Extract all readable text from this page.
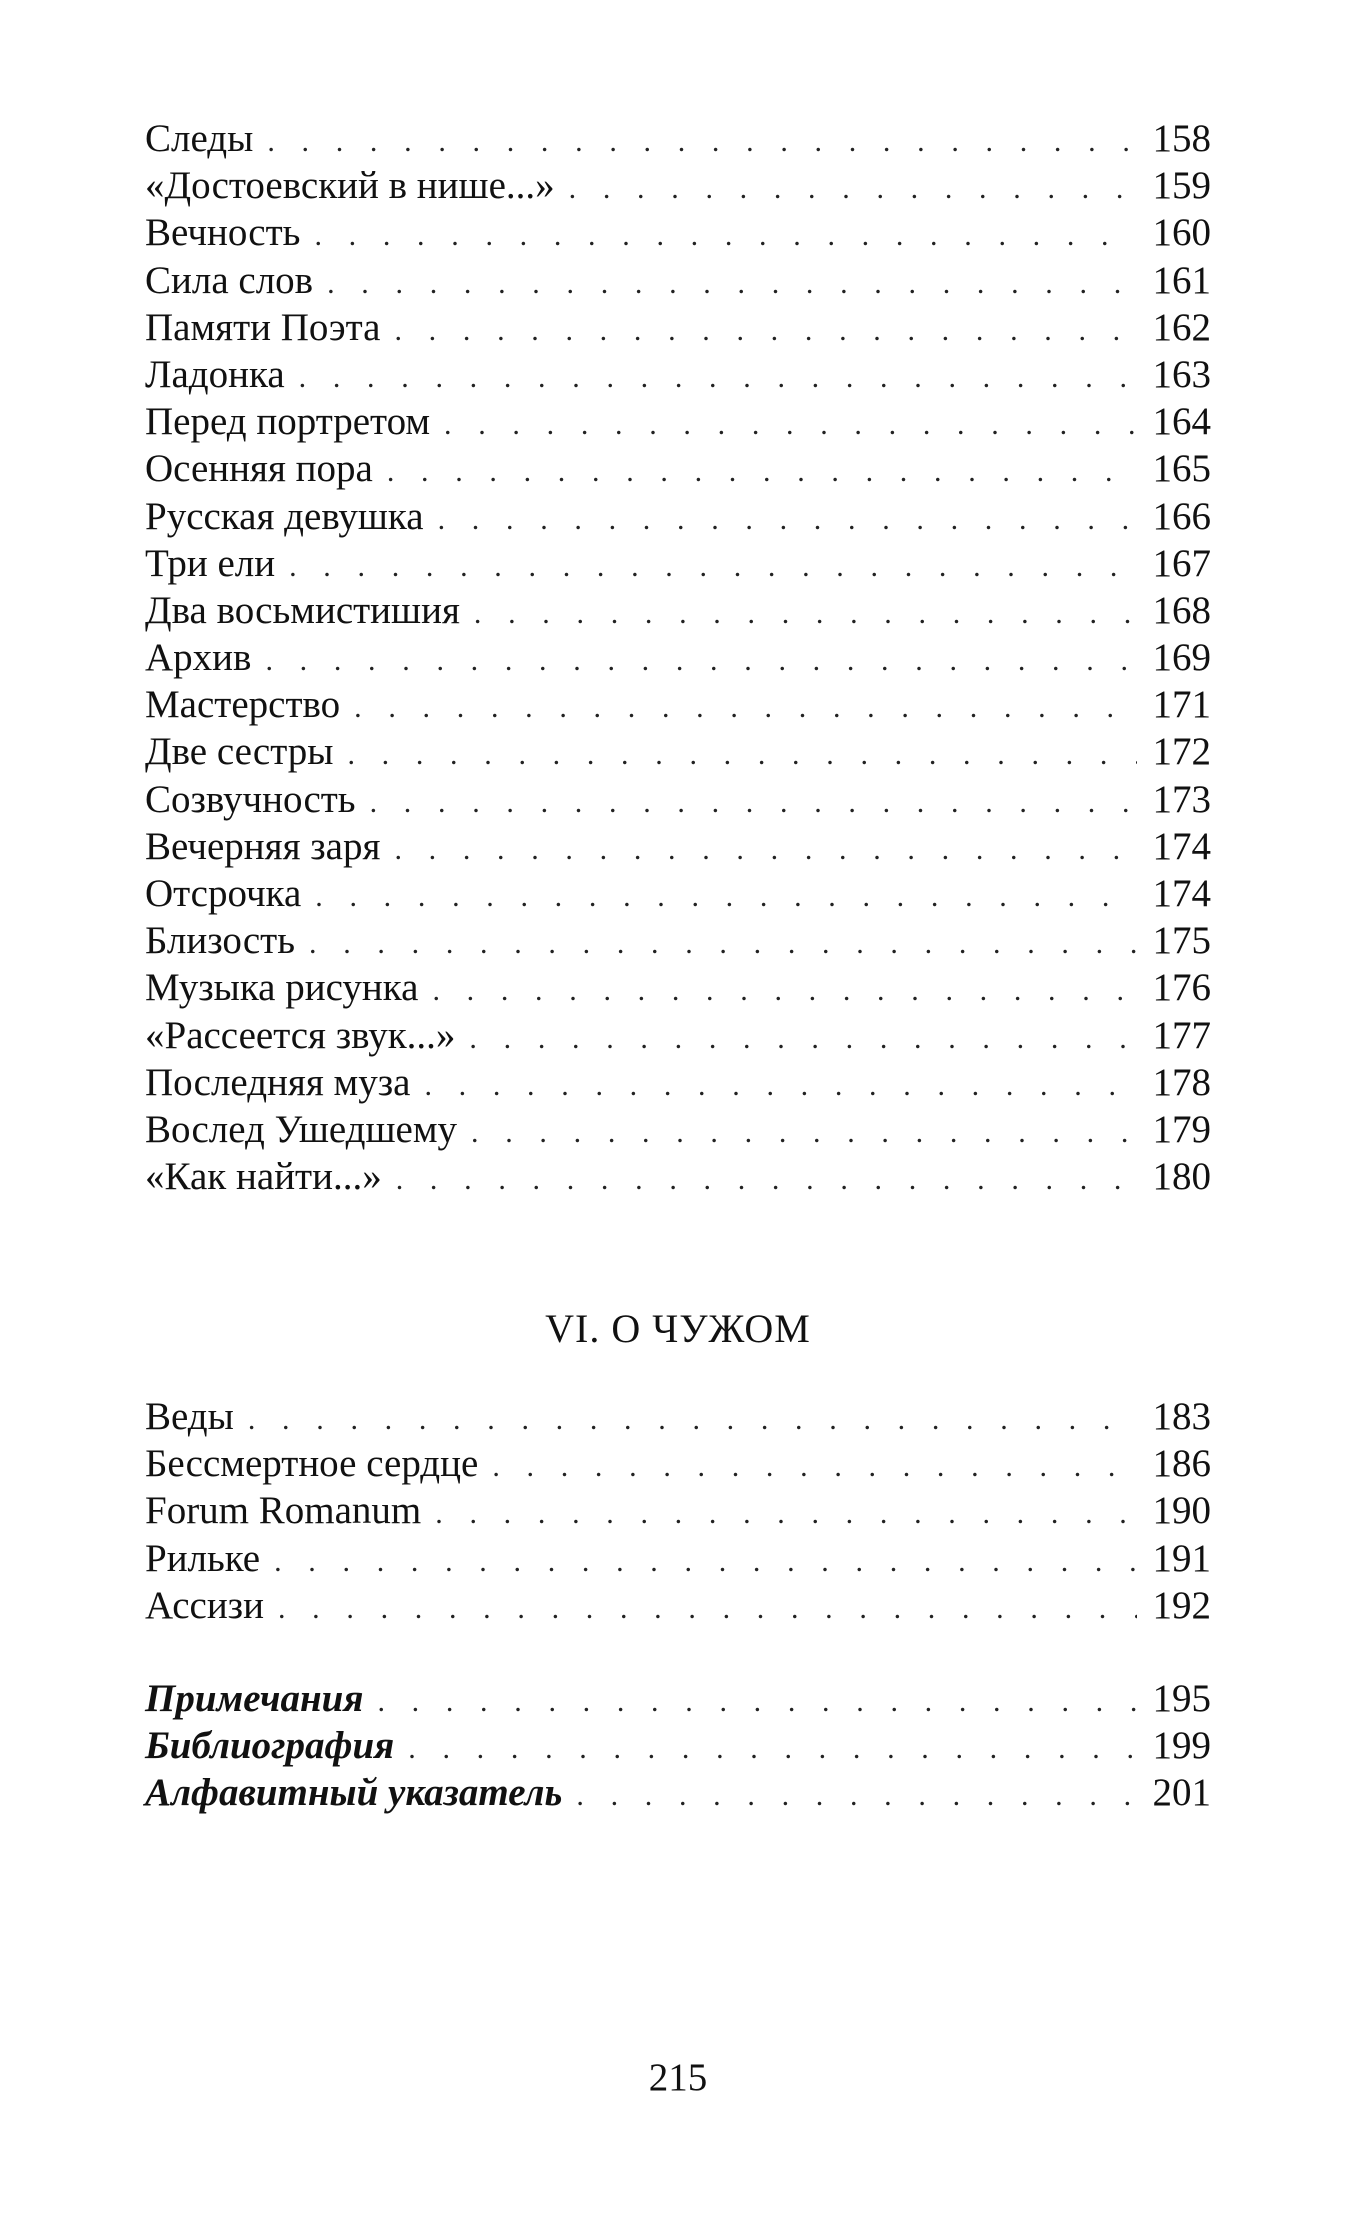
Следы . . .	158
«Достоевский в нише...» . . .	159
Вечность . . .	160
Сила слов . . .	161
Памяти Поэта . . .	162
Ладонка . . .	163
Перед портретом . . .	164
Осенняя пора . . .	165
Русская девушка . . .	166
Три ели . . .	167
Два восьмистишия . . .	168
Архив . . .	169
Мастерство . . .	171
Две сестры . . .	172
Созвучность . . .	173
Вечерняя заря . . .	174
Отсрочка . . .	174
Близость . . .	175
Музыка рисунка . . .	176
«Рассеется звук...» . . .	177
Последняя муза . . .	178
Вослед Ушедшему . . .	179
«Как найти...» . . .	180
VI. О ЧУЖОМ
Веды . . .	183
Бессмертное сердце . . .	186
Forum Romanum . . .	190
Рильке . . .	191
Ассизи . . .	192
Примечания . . .	195
Библиография . . .	199
Алфавитный указатель . . .	201
215
